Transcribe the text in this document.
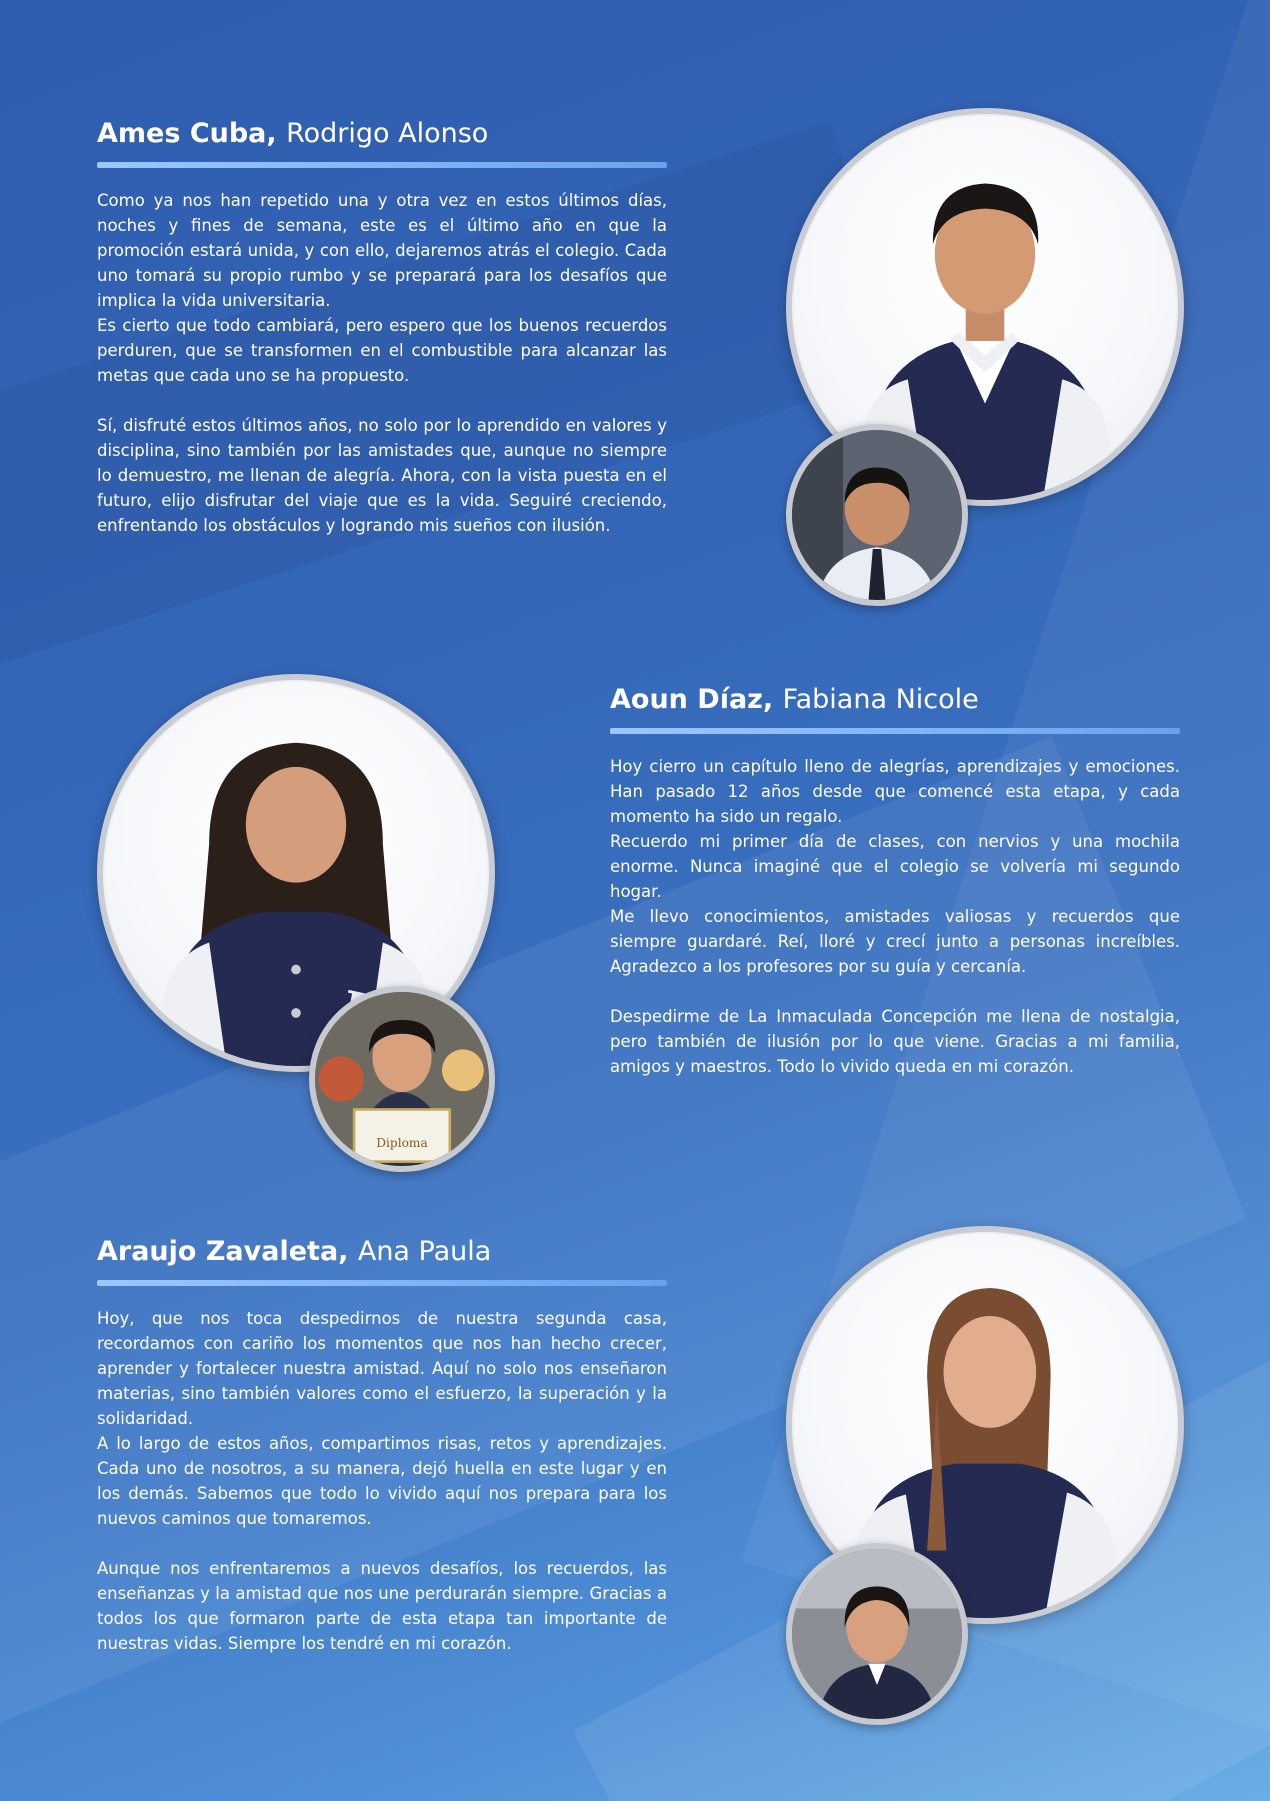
Ames Cuba, Rodrigo Alonso

Como ya nos han repetido una y otra vez en estos últimos días, noches y fines de semana, este es el último año en que la promoción estará unida, y con ello, dejaremos atrás el colegio. Cada uno tomará su propio rumbo y se preparará para los desafíos que implica la vida universitaria.

Es cierto que todo cambiará, pero espero que los buenos recuerdos perduren, que se transformen en el combustible para alcanzar las metas que cada uno se ha propuesto.

Sí, disfruté estos últimos años, no solo por lo aprendido en valores y disciplina, sino también por las amistades que, aunque no siempre lo demuestro, me llenan de alegría. Ahora, con la vista puesta en el futuro, elijo disfrutar del viaje que es la vida. Seguiré creciendo, enfrentando los obstáculos y logrando mis sueños con ilusión.

Diploma
Aoun Díaz, Fabiana Nicole

Hoy cierro un capítulo lleno de alegrías, aprendizajes y emociones. Han pasado 12 años desde que comencé esta etapa, y cada momento ha sido un regalo.

Recuerdo mi primer día de clases, con nervios y una mochila enorme. Nunca imaginé que el colegio se volvería mi segundo hogar.

Me llevo conocimientos, amistades valiosas y recuerdos que siempre guardaré. Reí, lloré y crecí junto a personas increíbles. Agradezco a los profesores por su guía y cercanía.

Despedirme de La Inmaculada Concepción me llena de nostalgia, pero también de ilusión por lo que viene. Gracias a mi familia, amigos y maestros. Todo lo vivido queda en mi corazón.

Araujo Zavaleta, Ana Paula

Hoy, que nos toca despedirnos de nuestra segunda casa, recordamos con cariño los momentos que nos han hecho crecer, aprender y fortalecer nuestra amistad. Aquí no solo nos enseñaron materias, sino también valores como el esfuerzo, la superación y la solidaridad.

A lo largo de estos años, compartimos risas, retos y aprendizajes. Cada uno de nosotros, a su manera, dejó huella en este lugar y en los demás. Sabemos que todo lo vivido aquí nos prepara para los nuevos caminos que tomaremos.

Aunque nos enfrentaremos a nuevos desafíos, los recuerdos, las enseñanzas y la amistad que nos une perdurarán siempre. Gracias a todos los que formaron parte de esta etapa tan importante de nuestras vidas. Siempre los tendré en mi corazón.
